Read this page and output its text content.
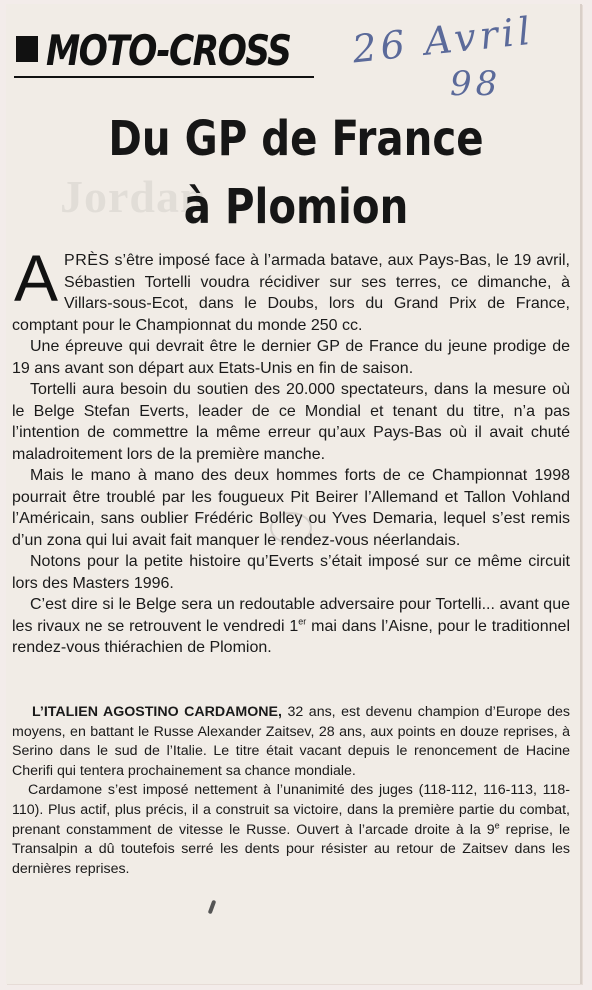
Jordan
MOTO-CROSS 26 Avril
98
Du GP de France
à Plomion

APRÈS s’être imposé face à l’armada batave, aux Pays-Bas, le 19 avril, Sébastien Tortelli voudra récidiver sur ses terres, ce dimanche, à Villars-sous-Ecot, dans le Doubs, lors du Grand Prix de France, comptant pour le Championnat du monde 250 cc.

Une épreuve qui devrait être le dernier GP de France du jeune prodige de 19 ans avant son départ aux Etats-Unis en fin de saison.

Tortelli aura besoin du soutien des 20.000 spectateurs, dans la mesure où le Belge Stefan Everts, leader de ce Mondial et tenant du titre, n’a pas l’intention de commettre la même erreur qu’aux Pays-Bas où il avait chuté maladroitement lors de la première manche.

Mais le mano à mano des deux hommes forts de ce Championnat 1998 pourrait être troublé par les fougueux Pit Beirer l’Allemand et Tallon Vohland l’Américain, sans oublier Frédéric Bolley ou Yves Demaria, lequel s’est remis d’un zona qui lui avait fait manquer le rendez-vous néerlandais.

Notons pour la petite histoire qu’Everts s’était imposé sur ce même circuit lors des Masters 1996.

C’est dire si le Belge sera un redoutable adversaire pour Tortelli... avant que les rivaux ne se retrouvent le vendredi 1er mai dans l’Aisne, pour le traditionnel rendez-vous thiérachien de Plomion.

L’ITALIEN AGOSTINO CARDAMONE, 32 ans, est devenu champion d’Europe des moyens, en battant le Russe Alexander Zaitsev, 28 ans, aux points en douze reprises, à Serino dans le sud de l’Italie. Le titre était vacant depuis le renoncement de Hacine Cherifi qui tentera prochainement sa chance mondiale.

Cardamone s’est imposé nettement à l’unanimité des juges (118-112, 116-113, 118-110). Plus actif, plus précis, il a construit sa victoire, dans la première partie du combat, prenant constamment de vitesse le Russe. Ouvert à l’arcade droite à la 9e reprise, le Transalpin a dû toutefois serré les dents pour résister au retour de Zaitsev dans les dernières reprises.
